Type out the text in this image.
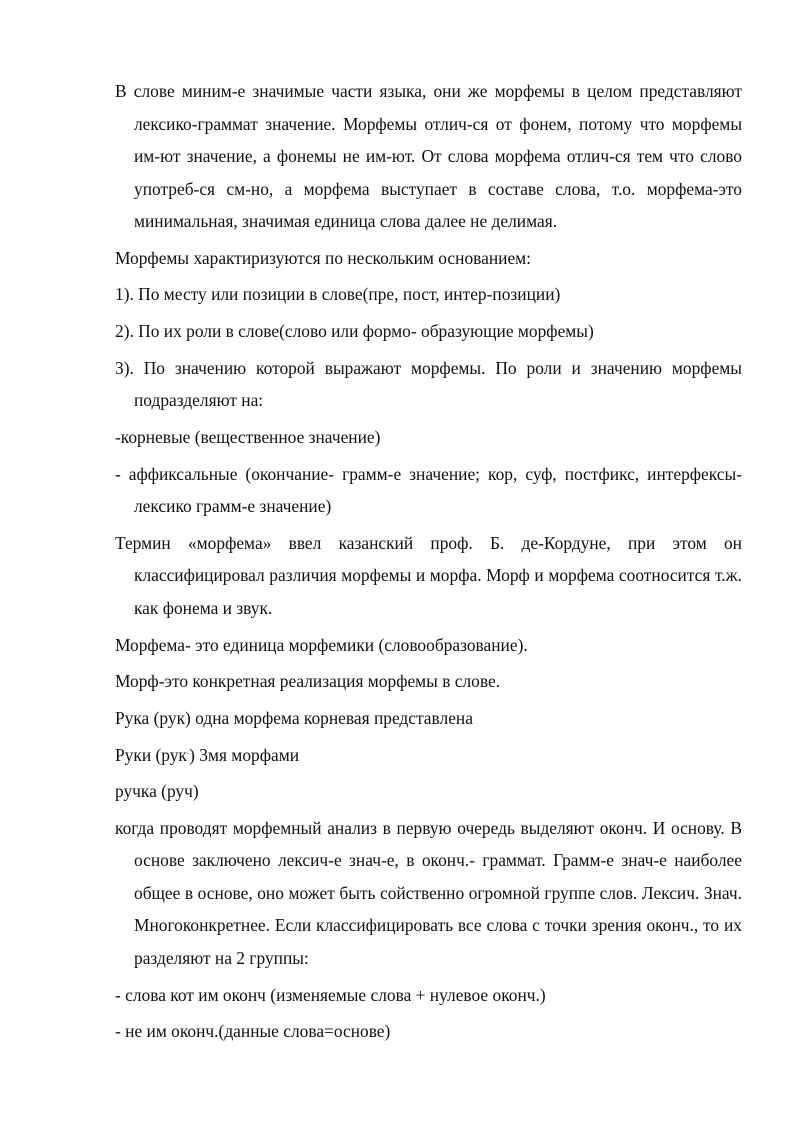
В слове миним-е значимые части языка, они же морфемы в целом представляют лексико-граммат значение. Морфемы отлич-ся от фонем, потому что морфемы им-ют значение, а фонемы не им-ют. От слова морфема отлич-ся тем что слово употреб-ся см-но, а морфема выступает в составе слова, т.о. морфема-это минимальная, значимая единица слова далее не делимая.

Морфемы характиризуются по нескольким основанием:

1). По месту или позиции в слове(пре, пост, интер-позиции)

2). По их роли в слове(слово или формо- образующие морфемы)

3). По значению которой выражают морфемы. По роли и значению морфемы подразделяют на:

-корневые (вещественное значение)

- аффиксальные (окончание- грамм-е значение; кор, суф, постфикс, интерфексы-лексико грамм-е значение)

Термин «морфема» ввел казанский проф. Б. де-Кордуне, при этом он классифицировал различия морфемы и морфа. Морф и морфема соотносится т.ж. как фонема и звук.

Морфема- это единица морфемики (словообразование).

Морф-это конкретная реализация морфемы в слове.

Рука (рук) одна морфема корневая представлена

Руки (рук.) 3мя морфами

ручка (руч)

когда проводят морфемный анализ в первую очередь выделяют оконч. И основу. В основе заключено лексич-е знач-е, в оконч.- граммат. Грамм-е знач-е наиболее общее в основе, оно может быть сойственно огромной группе слов. Лексич. Знач. Многоконкретнее. Если классифицировать все слова с точки зрения оконч., то их разделяют на 2 группы:

- слова кот им оконч (изменяемые слова + нулевое оконч.)

- не им оконч.(данные слова=основе)
